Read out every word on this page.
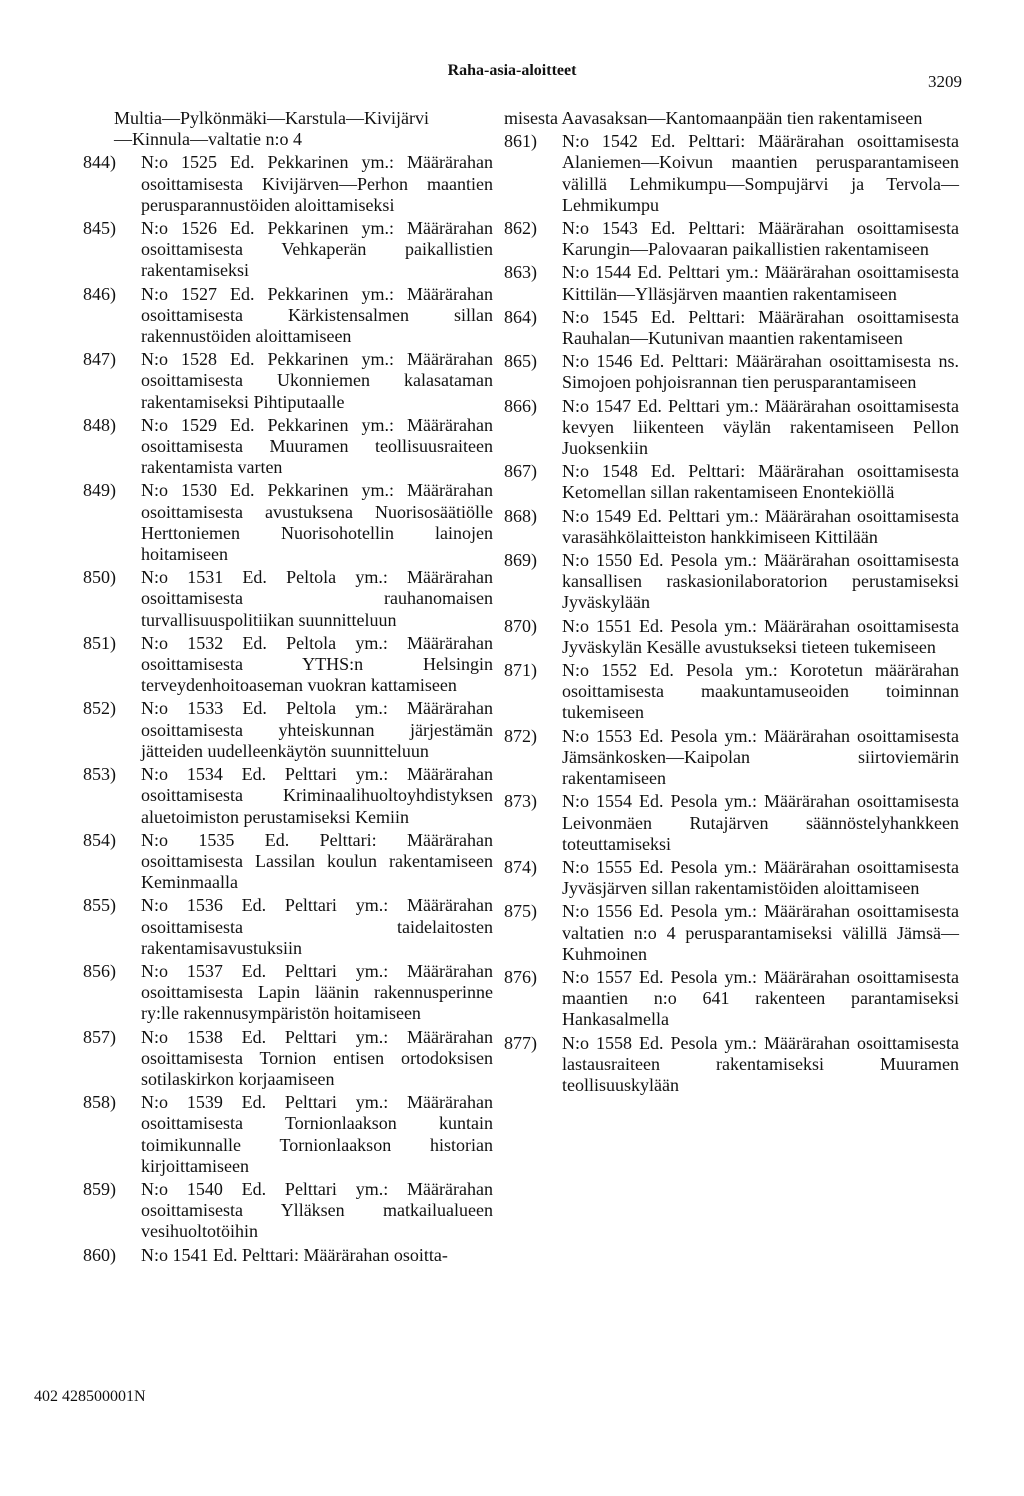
Raha-asia-aloitteet
3209
Multia—Pylkönmäki—Karstula—Kivijärvi
—Kinnula—valtatie n:o 4
844) N:o 1525 Ed. Pekkarinen ym.: Määrärahan osoittamisesta Kivijärven—Perhon maantien perusparannustöiden aloittamiseksi
845) N:o 1526 Ed. Pekkarinen ym.: Määrärahan osoittamisesta Vehkaperän paikallistien rakentamiseksi
846) N:o 1527 Ed. Pekkarinen ym.: Määrärahan osoittamisesta Kärkistensalmen sillan rakennustöiden aloittamiseen
847) N:o 1528 Ed. Pekkarinen ym.: Määrärahan osoittamisesta Ukonniemen kalasataman rakentamiseksi Pihtiputaalle
848) N:o 1529 Ed. Pekkarinen ym.: Määrärahan osoittamisesta Muuramen teollisuusraiteen rakentamista varten
849) N:o 1530 Ed. Pekkarinen ym.: Määrärahan osoittamisesta avustuksena Nuorisosäätiölle Herttoniemen Nuorisohotellin lainojen hoitamiseen
850) N:o 1531 Ed. Peltola ym.: Määrärahan osoittamisesta rauhanomaisen turvallisuuspolitiikan suunnitteluun
851) N:o 1532 Ed. Peltola ym.: Määrärahan osoittamisesta YTHS:n Helsingin terveydenhoitoaseman vuokran kattamiseen
852) N:o 1533 Ed. Peltola ym.: Määrärahan osoittamisesta yhteiskunnan järjestämän jätteiden uudelleenkäytön suunnitteluun
853) N:o 1534 Ed. Pelttari ym.: Määrärahan osoittamisesta Kriminaalihuoltoyhdistyksen aluetoimiston perustamiseksi Kemiin
854) N:o 1535 Ed. Pelttari: Määrärahan osoittamisesta Lassilan koulun rakentamiseen Keminmaalla
855) N:o 1536 Ed. Pelttari ym.: Määrärahan osoittamisesta taidelaitosten rakentamisavustuksiin
856) N:o 1537 Ed. Pelttari ym.: Määrärahan osoittamisesta Lapin läänin rakennusperinne ry:lle rakennusympäristön hoitamiseen
857) N:o 1538 Ed. Pelttari ym.: Määrärahan osoittamisesta Tornion entisen ortodoksisen sotilaskirkon korjaamiseen
858) N:o 1539 Ed. Pelttari ym.: Määrärahan osoittamisesta Tornionlaakson kuntain toimikunnalle Tornionlaakson historian kirjoittamiseen
859) N:o 1540 Ed. Pelttari ym.: Määrärahan osoittamisesta Ylläksen matkailualueen vesihuoltotöihin
860) N:o 1541 Ed. Pelttari: Määrärahan osoitta-
misesta Aavasaksan—Kantomaanpään tien rakentamiseen
861) N:o 1542 Ed. Pelttari: Määrärahan osoittamisesta Alaniemen—Koivun maantien perusparantamiseen välillä Lehmikumpu—Sompujärvi ja Tervola—Lehmikumpu
862) N:o 1543 Ed. Pelttari: Määrärahan osoittamisesta Karungin—Palovaaran paikallistien rakentamiseen
863) N:o 1544 Ed. Pelttari ym.: Määrärahan osoittamisesta Kittilän—Ylläsjärven maantien rakentamiseen
864) N:o 1545 Ed. Pelttari: Määrärahan osoittamisesta Rauhalan—Kutunivan maantien rakentamiseen
865) N:o 1546 Ed. Pelttari: Määrärahan osoittamisesta ns. Simojoen pohjoisrannan tien perusparantamiseen
866) N:o 1547 Ed. Pelttari ym.: Määrärahan osoittamisesta kevyen liikenteen väylän rakentamiseen Pellon Juoksenkiin
867) N:o 1548 Ed. Pelttari: Määrärahan osoittamisesta Ketomellan sillan rakentamiseen Enontekiöllä
868) N:o 1549 Ed. Pelttari ym.: Määrärahan osoittamisesta varasähkölaitteiston hankkimiseen Kittilään
869) N:o 1550 Ed. Pesola ym.: Määrärahan osoittamisesta kansallisen raskasionilaboratorion perustamiseksi Jyväskylään
870) N:o 1551 Ed. Pesola ym.: Määrärahan osoittamisesta Jyväskylän Kesälle avustukseksi tieteen tukemiseen
871) N:o 1552 Ed. Pesola ym.: Korotetun määrärahan osoittamisesta maakuntamuseoiden toiminnan tukemiseen
872) N:o 1553 Ed. Pesola ym.: Määrärahan osoittamisesta Jämsänkosken—Kaipolan siirtoviemärin rakentamiseen
873) N:o 1554 Ed. Pesola ym.: Määrärahan osoittamisesta Leivonmäen Rutajärven säännöstelyhankkeen toteuttamiseksi
874) N:o 1555 Ed. Pesola ym.: Määrärahan osoittamisesta Jyväsjärven sillan rakentamistöiden aloittamiseen
875) N:o 1556 Ed. Pesola ym.: Määrärahan osoittamisesta valtatien n:o 4 perusparantamiseksi välillä Jämsä—Kuhmoinen
876) N:o 1557 Ed. Pesola ym.: Määrärahan osoittamisesta maantien n:o 641 rakenteen parantamiseksi Hankasalmella
877) N:o 1558 Ed. Pesola ym.: Määrärahan osoittamisesta lastausraiteen rakentamiseksi Muuramen teollisuuskylään
402 428500001N
